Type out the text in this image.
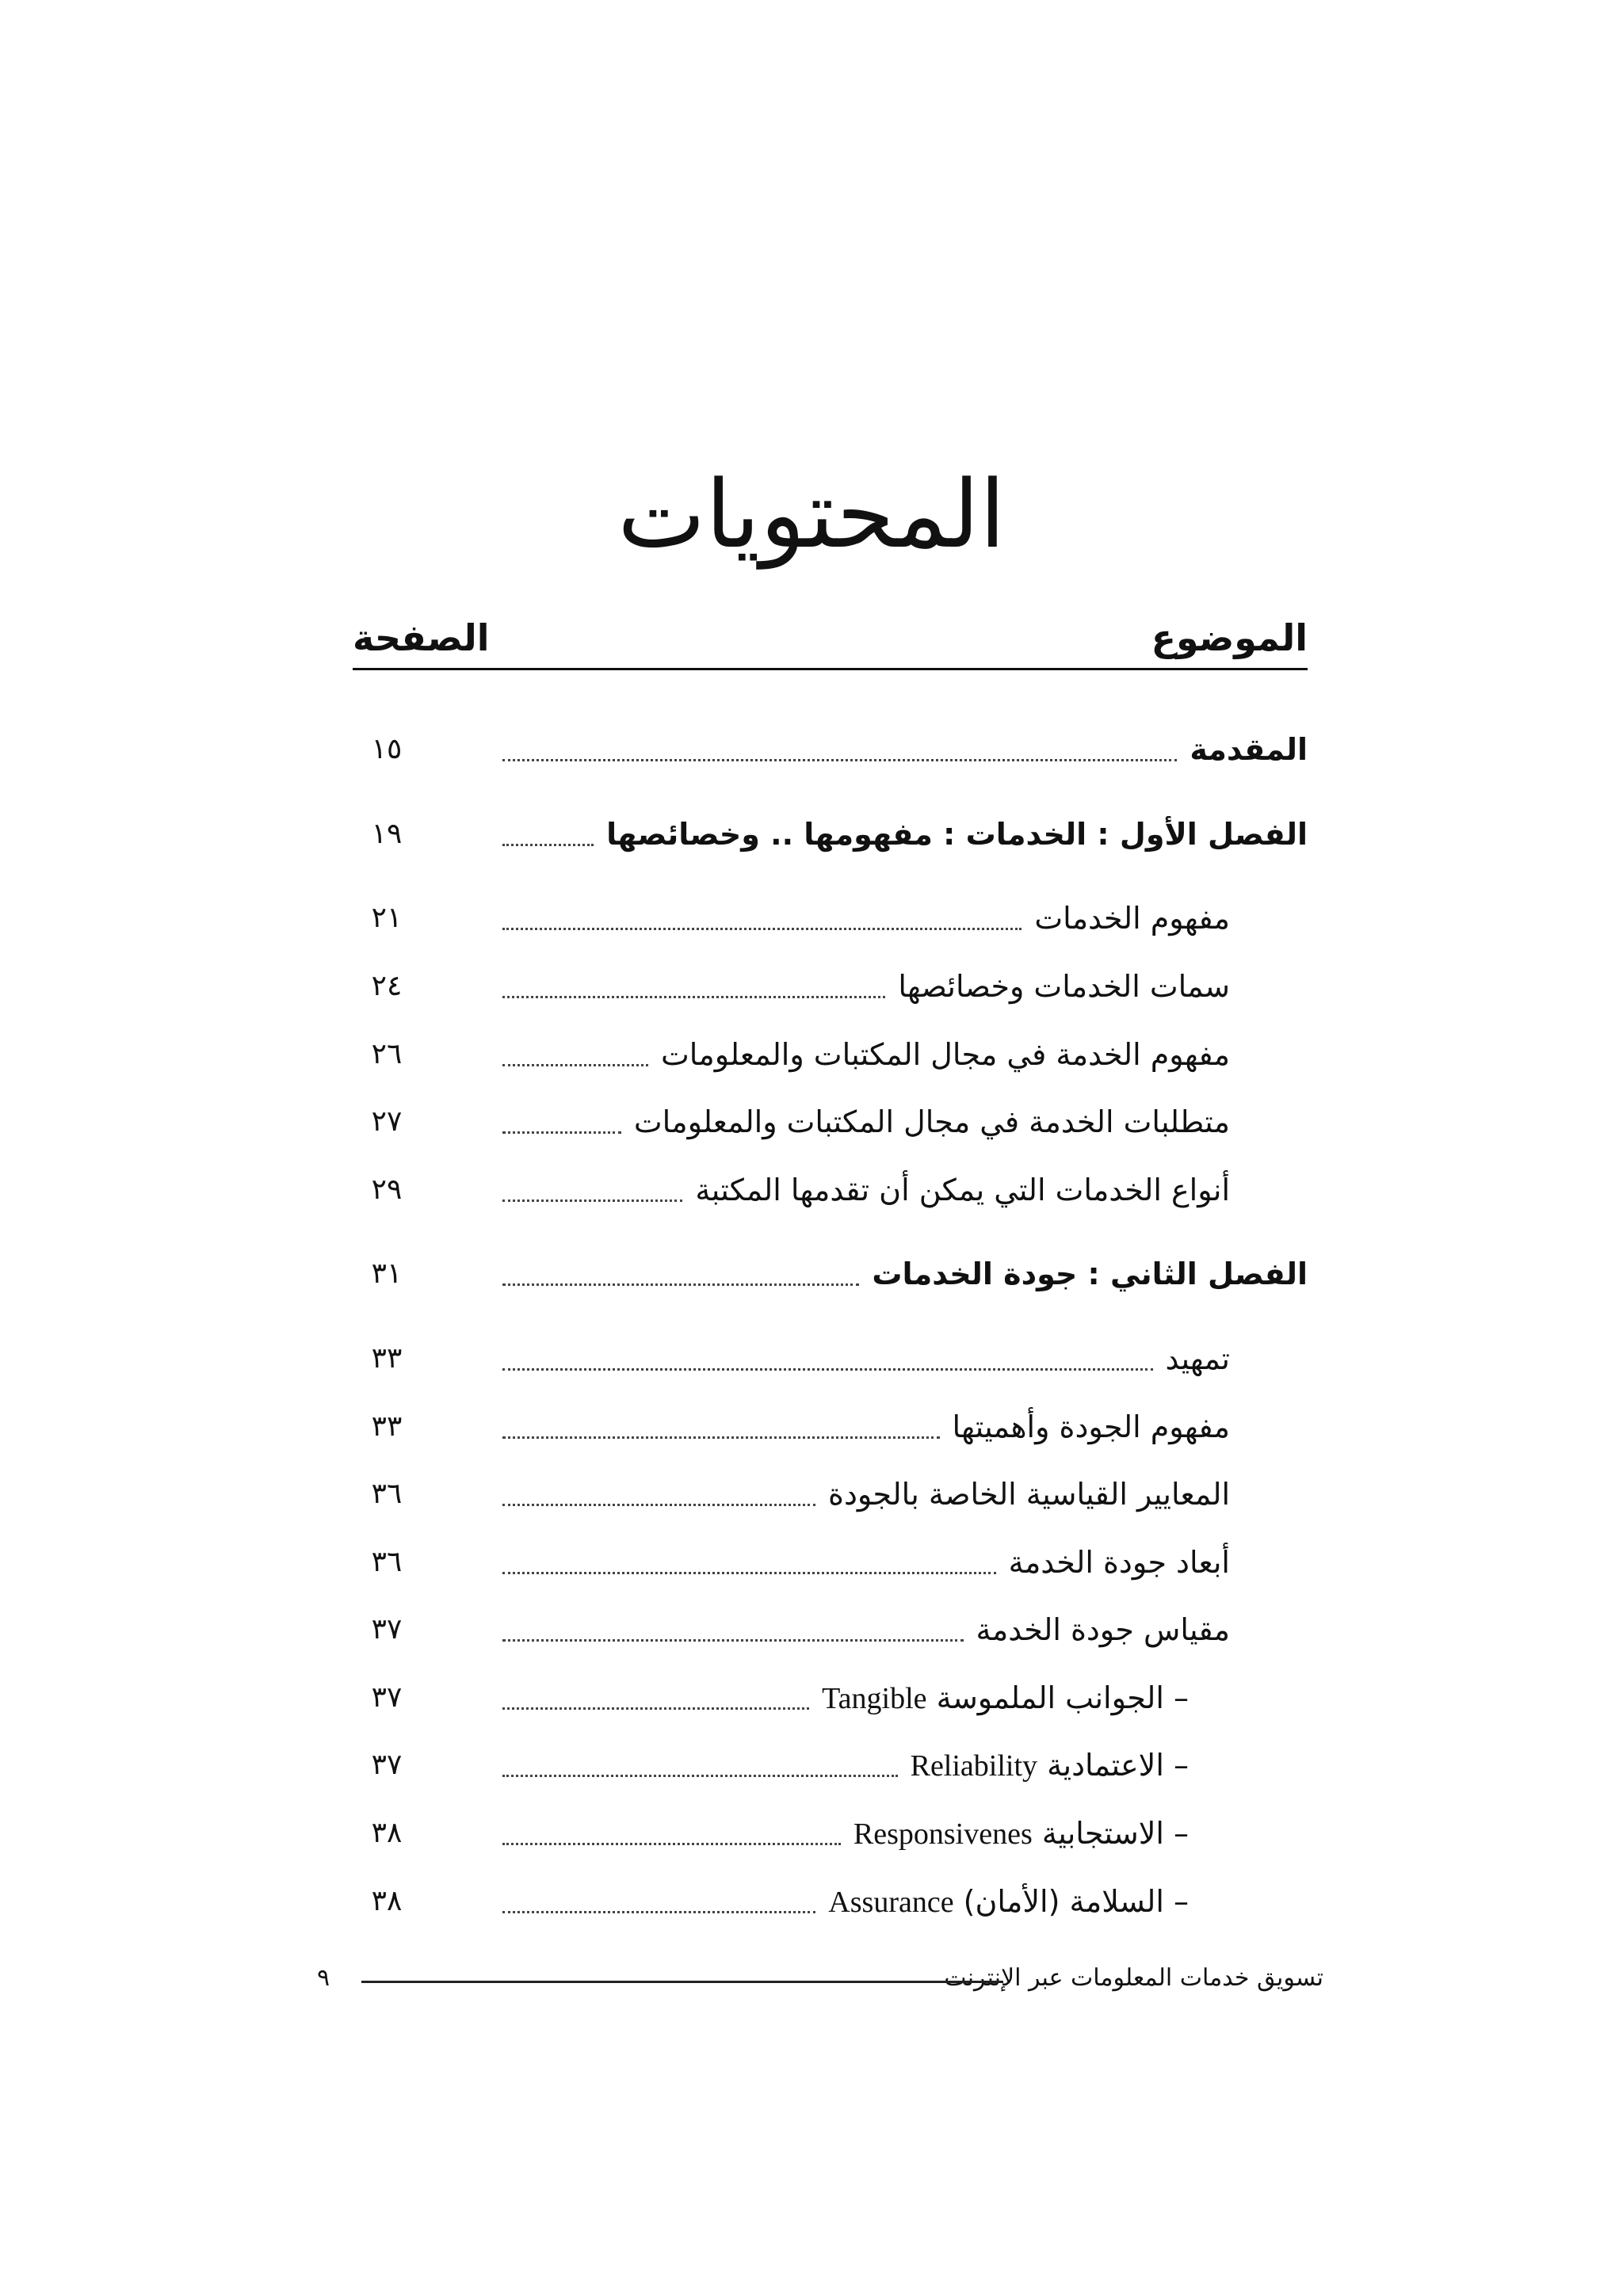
المحتويات
الموضوع
الصفحة
المقدمة
١٥
الفصل الأول : الخدمات : مفهومها .. وخصائصها
١٩
مفهوم الخدمات
٢١
سمات الخدمات وخصائصها
٢٤
مفهوم الخدمة في مجال المكتبات والمعلومات
٢٦
متطلبات الخدمة في مجال المكتبات والمعلومات
٢٧
أنواع الخدمات التي يمكن أن تقدمها المكتبة
٢٩
الفصل الثاني : جودة الخدمات
٣١
تمهيد
٣٣
مفهوم الجودة وأهميتها
٣٣
المعايير القياسية الخاصة بالجودة
٣٦
أبعاد جودة الخدمة
٣٦
مقياس جودة الخدمة
٣٧
– الجوانب الملموسة Tangible
٣٧
– الاعتمادية Reliability
٣٧
– الاستجابية Responsivenes
٣٨
– السلامة (الأمان) Assurance
٣٨
تسويق خدمات المعلومات عبر الإنترنت
٩
